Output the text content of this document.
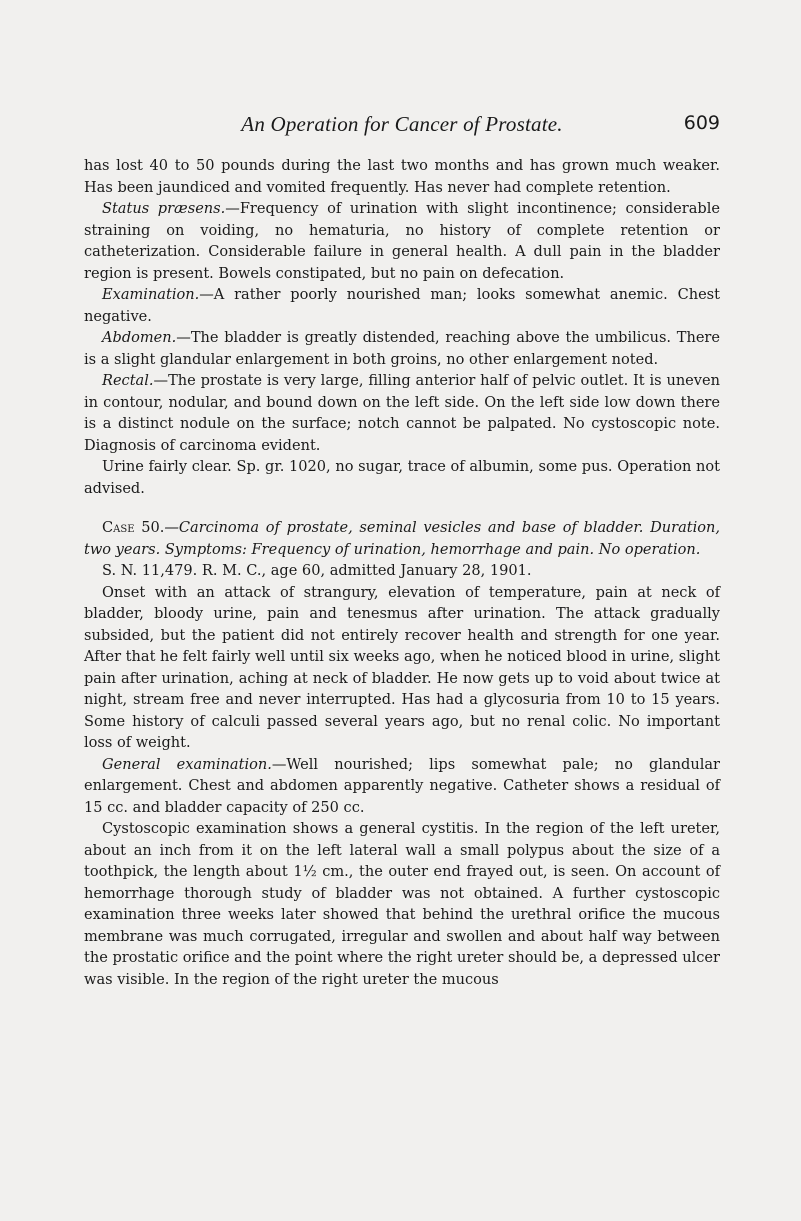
An Operation for Cancer of Prostate.	609

has lost 40 to 50 pounds during the last two months and has grown much weaker. Has been jaundiced and vomited frequently. Has never had complete retention.

Status præsens.—Frequency of urination with slight incontinence; considerable straining on voiding, no hematuria, no history of complete retention or catheterization. Considerable failure in general health. A dull pain in the bladder region is present. Bowels constipated, but no pain on defecation.

Examination.—A rather poorly nourished man; looks somewhat anemic. Chest negative.

Abdomen.—The bladder is greatly distended, reaching above the umbilicus. There is a slight glandular enlargement in both groins, no other enlargement noted.

Rectal.—The prostate is very large, filling anterior half of pelvic outlet. It is uneven in contour, nodular, and bound down on the left side. On the left side low down there is a distinct nodule on the surface; notch cannot be palpated. No cystoscopic note. Diagnosis of carcinoma evident.

Urine fairly clear. Sp. gr. 1020, no sugar, trace of albumin, some pus. Operation not advised.

Case 50.—Carcinoma of prostate, seminal vesicles and base of bladder. Duration, two years. Symptoms: Frequency of urination, hemorrhage and pain. No operation.

S. N. 11,479. R. M. C., age 60, admitted January 28, 1901.

Onset with an attack of strangury, elevation of temperature, pain at neck of bladder, bloody urine, pain and tenesmus after urination. The attack gradually subsided, but the patient did not entirely recover health and strength for one year. After that he felt fairly well until six weeks ago, when he noticed blood in urine, slight pain after urination, aching at neck of bladder. He now gets up to void about twice at night, stream free and never interrupted. Has had a glycosuria from 10 to 15 years. Some history of calculi passed several years ago, but no renal colic. No important loss of weight.

General examination.—Well nourished; lips somewhat pale; no glandular enlargement. Chest and abdomen apparently negative. Catheter shows a residual of 15 cc. and bladder capacity of 250 cc.

Cystoscopic examination shows a general cystitis. In the region of the left ureter, about an inch from it on the left lateral wall a small polypus about the size of a toothpick, the length about 1½ cm., the outer end frayed out, is seen. On account of hemorrhage thorough study of bladder was not obtained. A further cystoscopic examination three weeks later showed that behind the urethral orifice the mucous membrane was much corrugated, irregular and swollen and about half way between the prostatic orifice and the point where the right ureter should be, a depressed ulcer was visible. In the region of the right ureter the mucous
